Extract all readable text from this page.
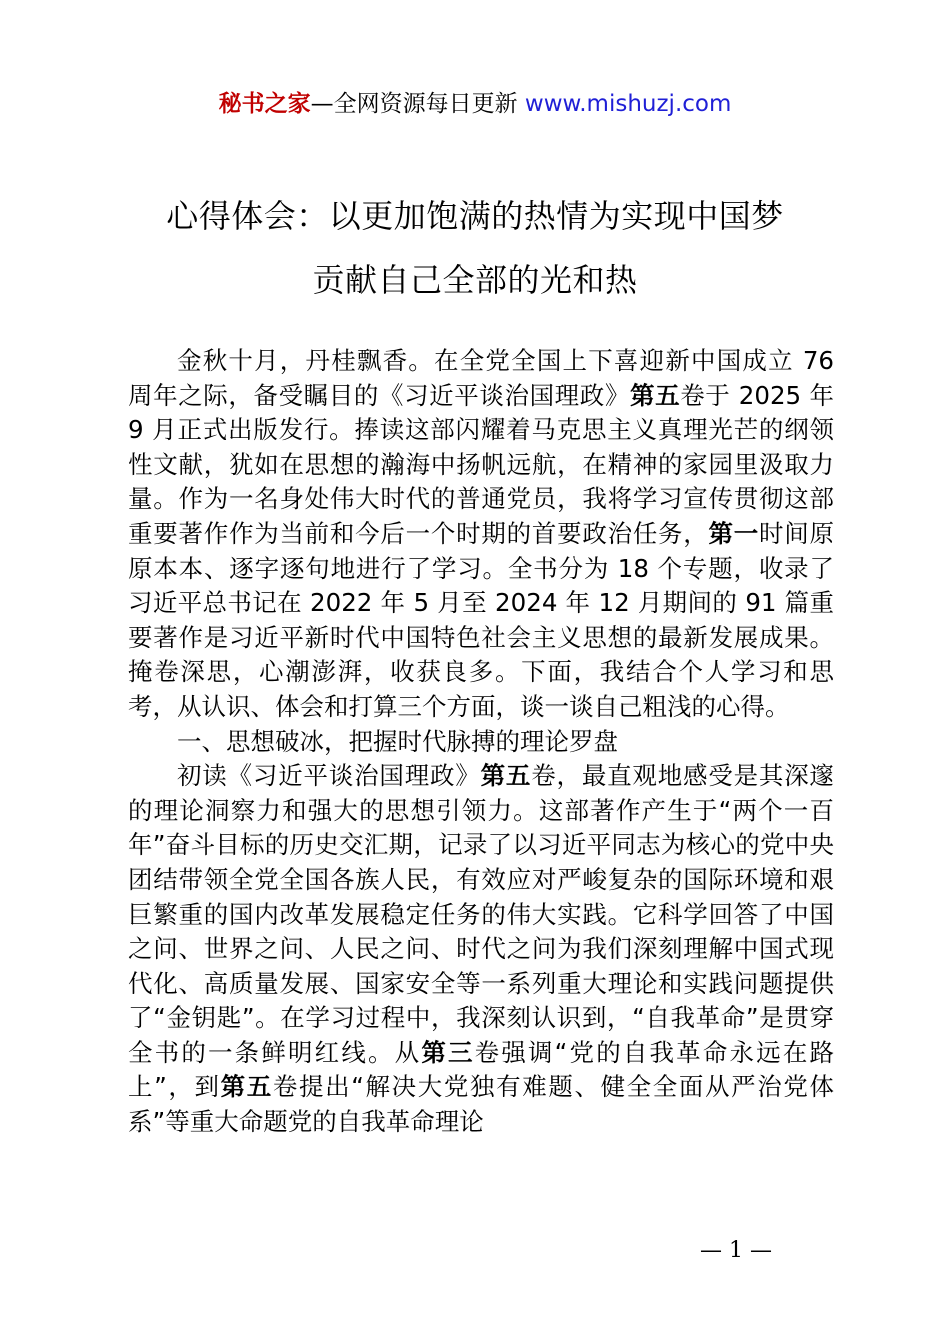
秘书之家—全网资源每日更新 www.mishuzj.com
心得体会：以更加饱满的热情为实现中国梦
贡献自己全部的光和热

金秋十月，丹桂飘香。在全党全国上下喜迎新中国成立 76 周年之际，备受瞩目的《习近平谈治国理政》第五卷于 2025 年 9 月正式出版发行。捧读这部闪耀着马克思主义真理光芒的纲领性文献，犹如在思想的瀚海中扬帆远航，在精神的家园里汲取力量。作为一名身处伟大时代的普通党员，我将学习宣传贯彻这部重要著作作为当前和今后一个时期的首要政治任务，第一时间原原本本、逐字逐句地进行了学习。全书分为 18 个专题，收录了习近平总书记在 2022 年 5 月至 2024 年 12 月期间的 91 篇重要著作是习近平新时代中国特色社会主义思想的最新发展成果。掩卷深思，心潮澎湃，收获良多。下面，我结合个人学习和思考，从认识、体会和打算三个方面，谈一谈自己粗浅的心得。

一、思想破冰，把握时代脉搏的理论罗盘

初读《习近平谈治国理政》第五卷，最直观地感受是其深邃的理论洞察力和强大的思想引领力。这部著作产生于“两个一百年”奋斗目标的历史交汇期，记录了以习近平同志为核心的党中央团结带领全党全国各族人民，有效应对严峻复杂的国际环境和艰巨繁重的国内改革发展稳定任务的伟大实践。它科学回答了中国之问、世界之问、人民之问、时代之问为我们深刻理解中国式现代化、高质量发展、国家安全等一系列重大理论和实践问题提供了“金钥匙”。在学习过程中，我深刻认识到，“自我革命”是贯穿全书的一条鲜明红线。从第三卷强调“党的自我革命永远在路上”，到第五卷提出“解决大党独有难题、健全全面从严治党体系”等重大命题党的自我革命理论

— 1 —
